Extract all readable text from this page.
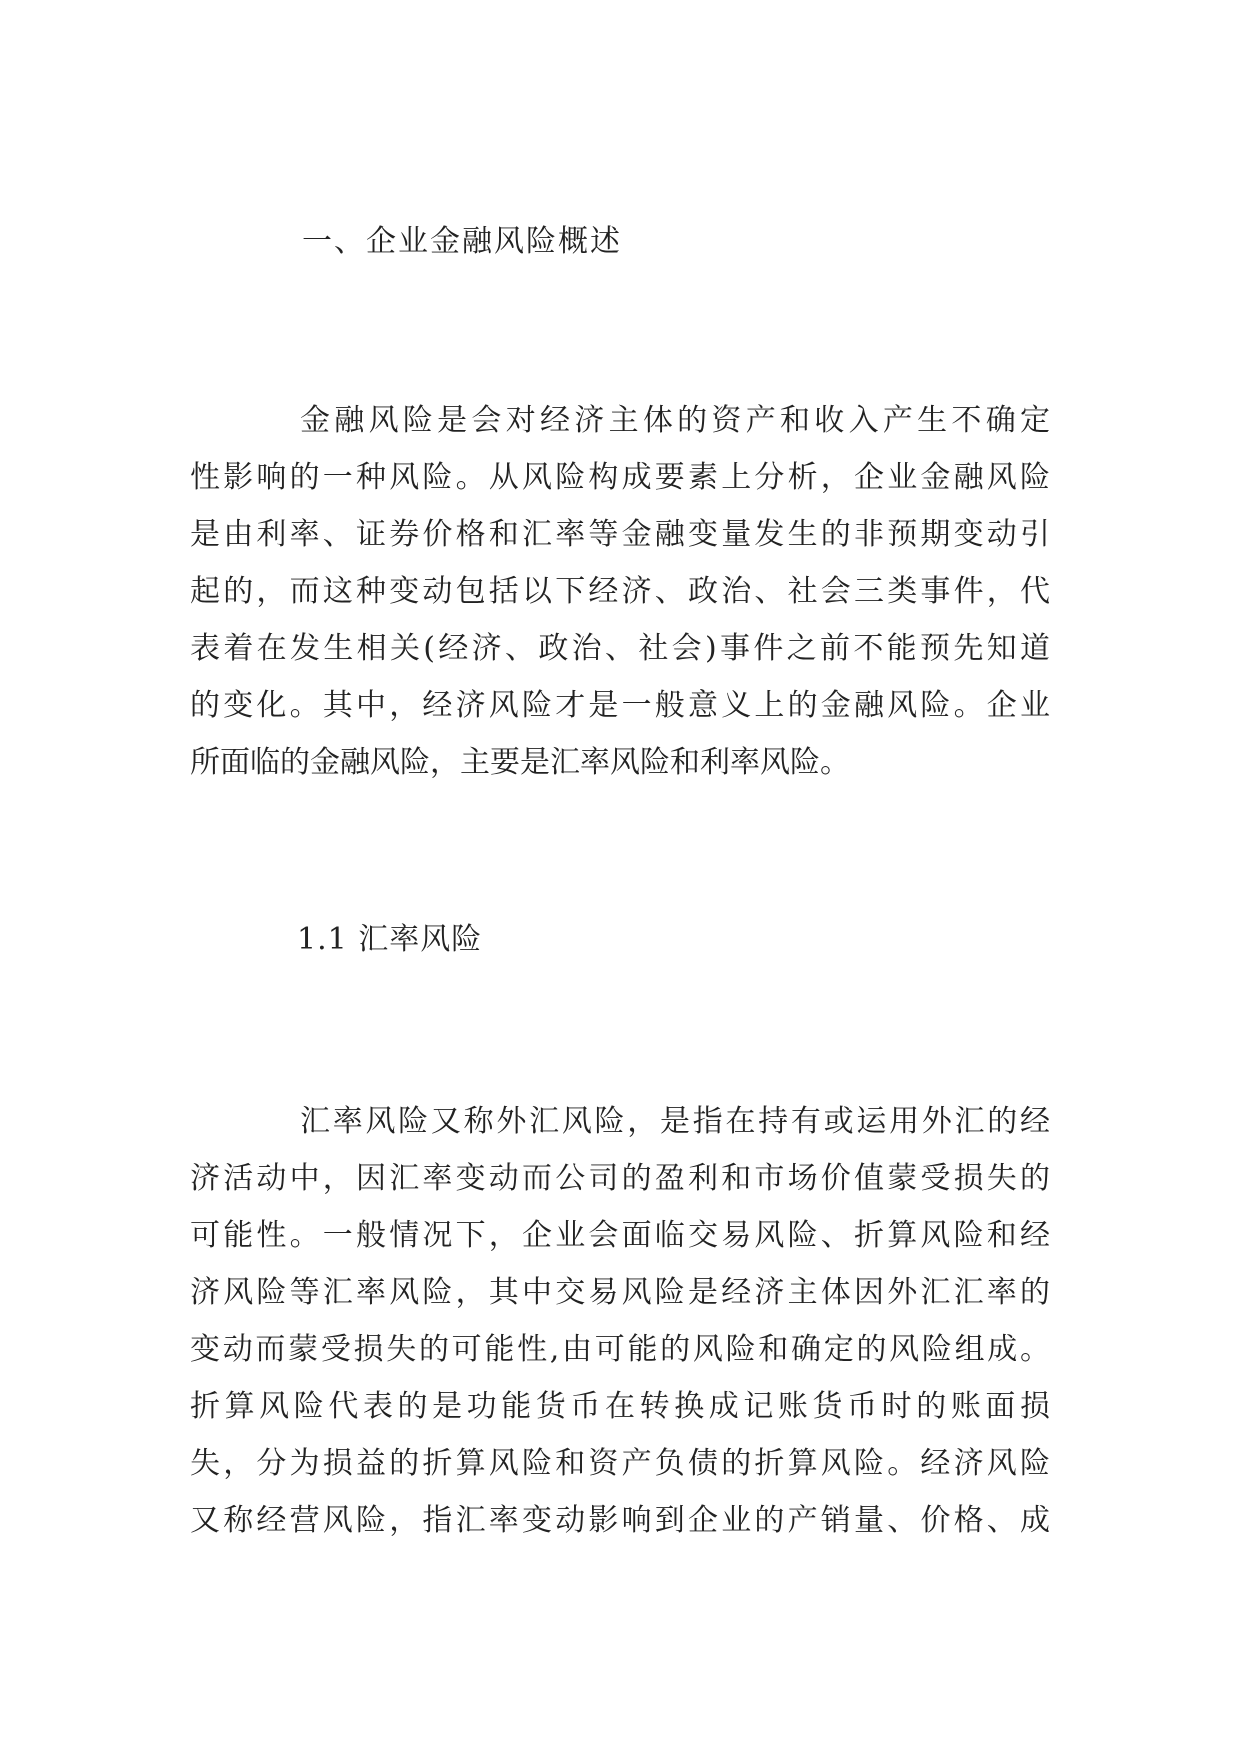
一、企业金融风险概述
金融风险是会对经济主体的资产和收入产生不确定
性影响的一种风险。从风险构成要素上分析，企业金融风险
是由利率、证券价格和汇率等金融变量发生的非预期变动引
起的，而这种变动包括以下经济、政治、社会三类事件，代
表着在发生相关(经济、政治、社会)事件之前不能预先知道
的变化。其中，经济风险才是一般意义上的金融风险。企业
所面临的金融风险，主要是汇率风险和利率风险。
1.1 汇率风险
汇率风险又称外汇风险，是指在持有或运用外汇的经
济活动中，因汇率变动而公司的盈利和市场价值蒙受损失的
可能性。一般情况下，企业会面临交易风险、折算风险和经
济风险等汇率风险，其中交易风险是经济主体因外汇汇率的
变动而蒙受损失的可能性,由可能的风险和确定的风险组成。
折算风险代表的是功能货币在转换成记账货币时的账面损
失，分为损益的折算风险和资产负债的折算风险。经济风险
又称经营风险，指汇率变动影响到企业的产销量、价格、成
